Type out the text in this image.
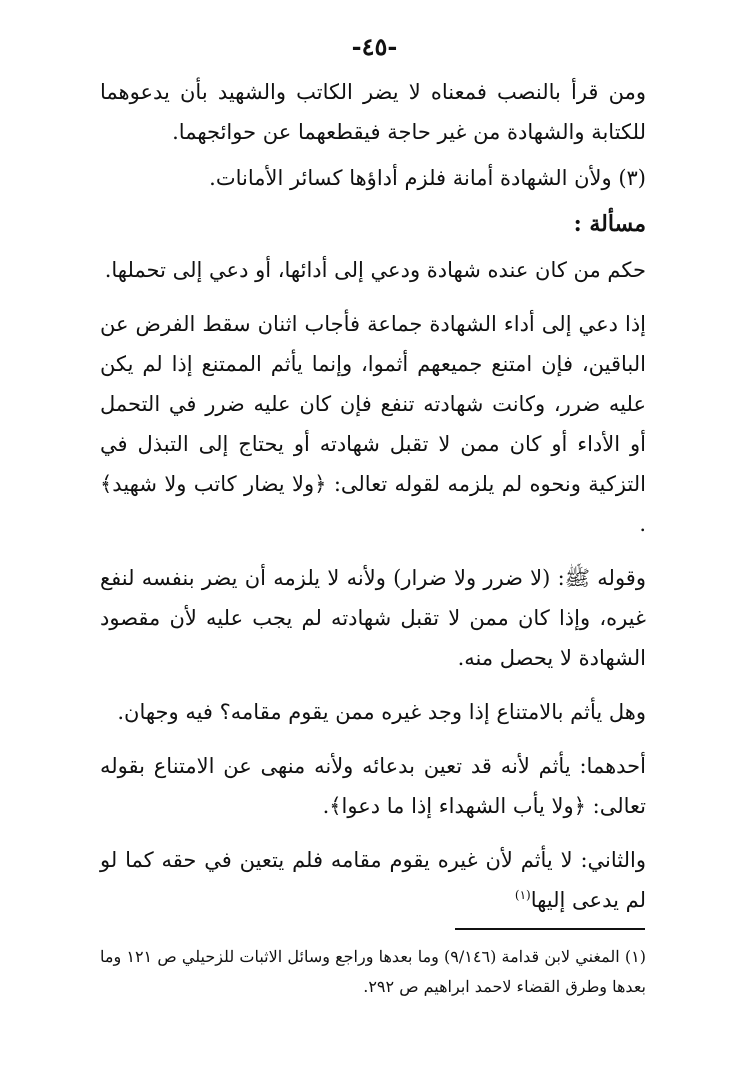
-٤٥-

ومن قرأ بالنصب فمعناه لا يضر الكاتب والشهيد بأن يدعوهما للكتابة والشهادة من غير حاجة فيقطعهما عن حوائجهما.

(٣) ولأن الشهادة أمانة فلزم أداؤها كسائر الأمانات.

مسألة :

حكم من كان عنده شهادة ودعي إلى أدائها، أو دعي إلى تحملها.

إذا دعي إلى أداء الشهادة جماعة فأجاب اثنان سقط الفرض عن الباقين، فإن امتنع جميعهم أثموا، وإنما يأثم الممتنع إذا لم يكن عليه ضرر، وكانت شهادته تنفع فإن كان عليه ضرر في التحمل أو الأداء أو كان ممن لا تقبل شهادته أو يحتاج إلى التبذل في التزكية ونحوه لم يلزمه لقوله تعالى: ﴿ولا يضار كاتب ولا شهيد﴾ .

وقوله ﷺ: (لا ضرر ولا ضرار) ولأنه لا يلزمه أن يضر بنفسه لنفع غيره، وإذا كان ممن لا تقبل شهادته لم يجب عليه لأن مقصود الشهادة لا يحصل منه.

وهل يأثم بالامتناع إذا وجد غيره ممن يقوم مقامه؟ فيه وجهان.

أحدهما: يأثم لأنه قد تعين بدعائه ولأنه منهى عن الامتناع بقوله تعالى: ﴿ولا يأب الشهداء إذا ما دعوا﴾.

والثاني: لا يأثم لأن غيره يقوم مقامه فلم يتعين في حقه كما لو لم يدعى إليها$^{(١)}$

(١) المغني لابن قدامة (٩/١٤٦) وما بعدها وراجع وسائل الاثبات للزحيلي ص ١٢١ وما بعدها وطرق القضاء لاحمد ابراهيم ص ٢٩٢.
